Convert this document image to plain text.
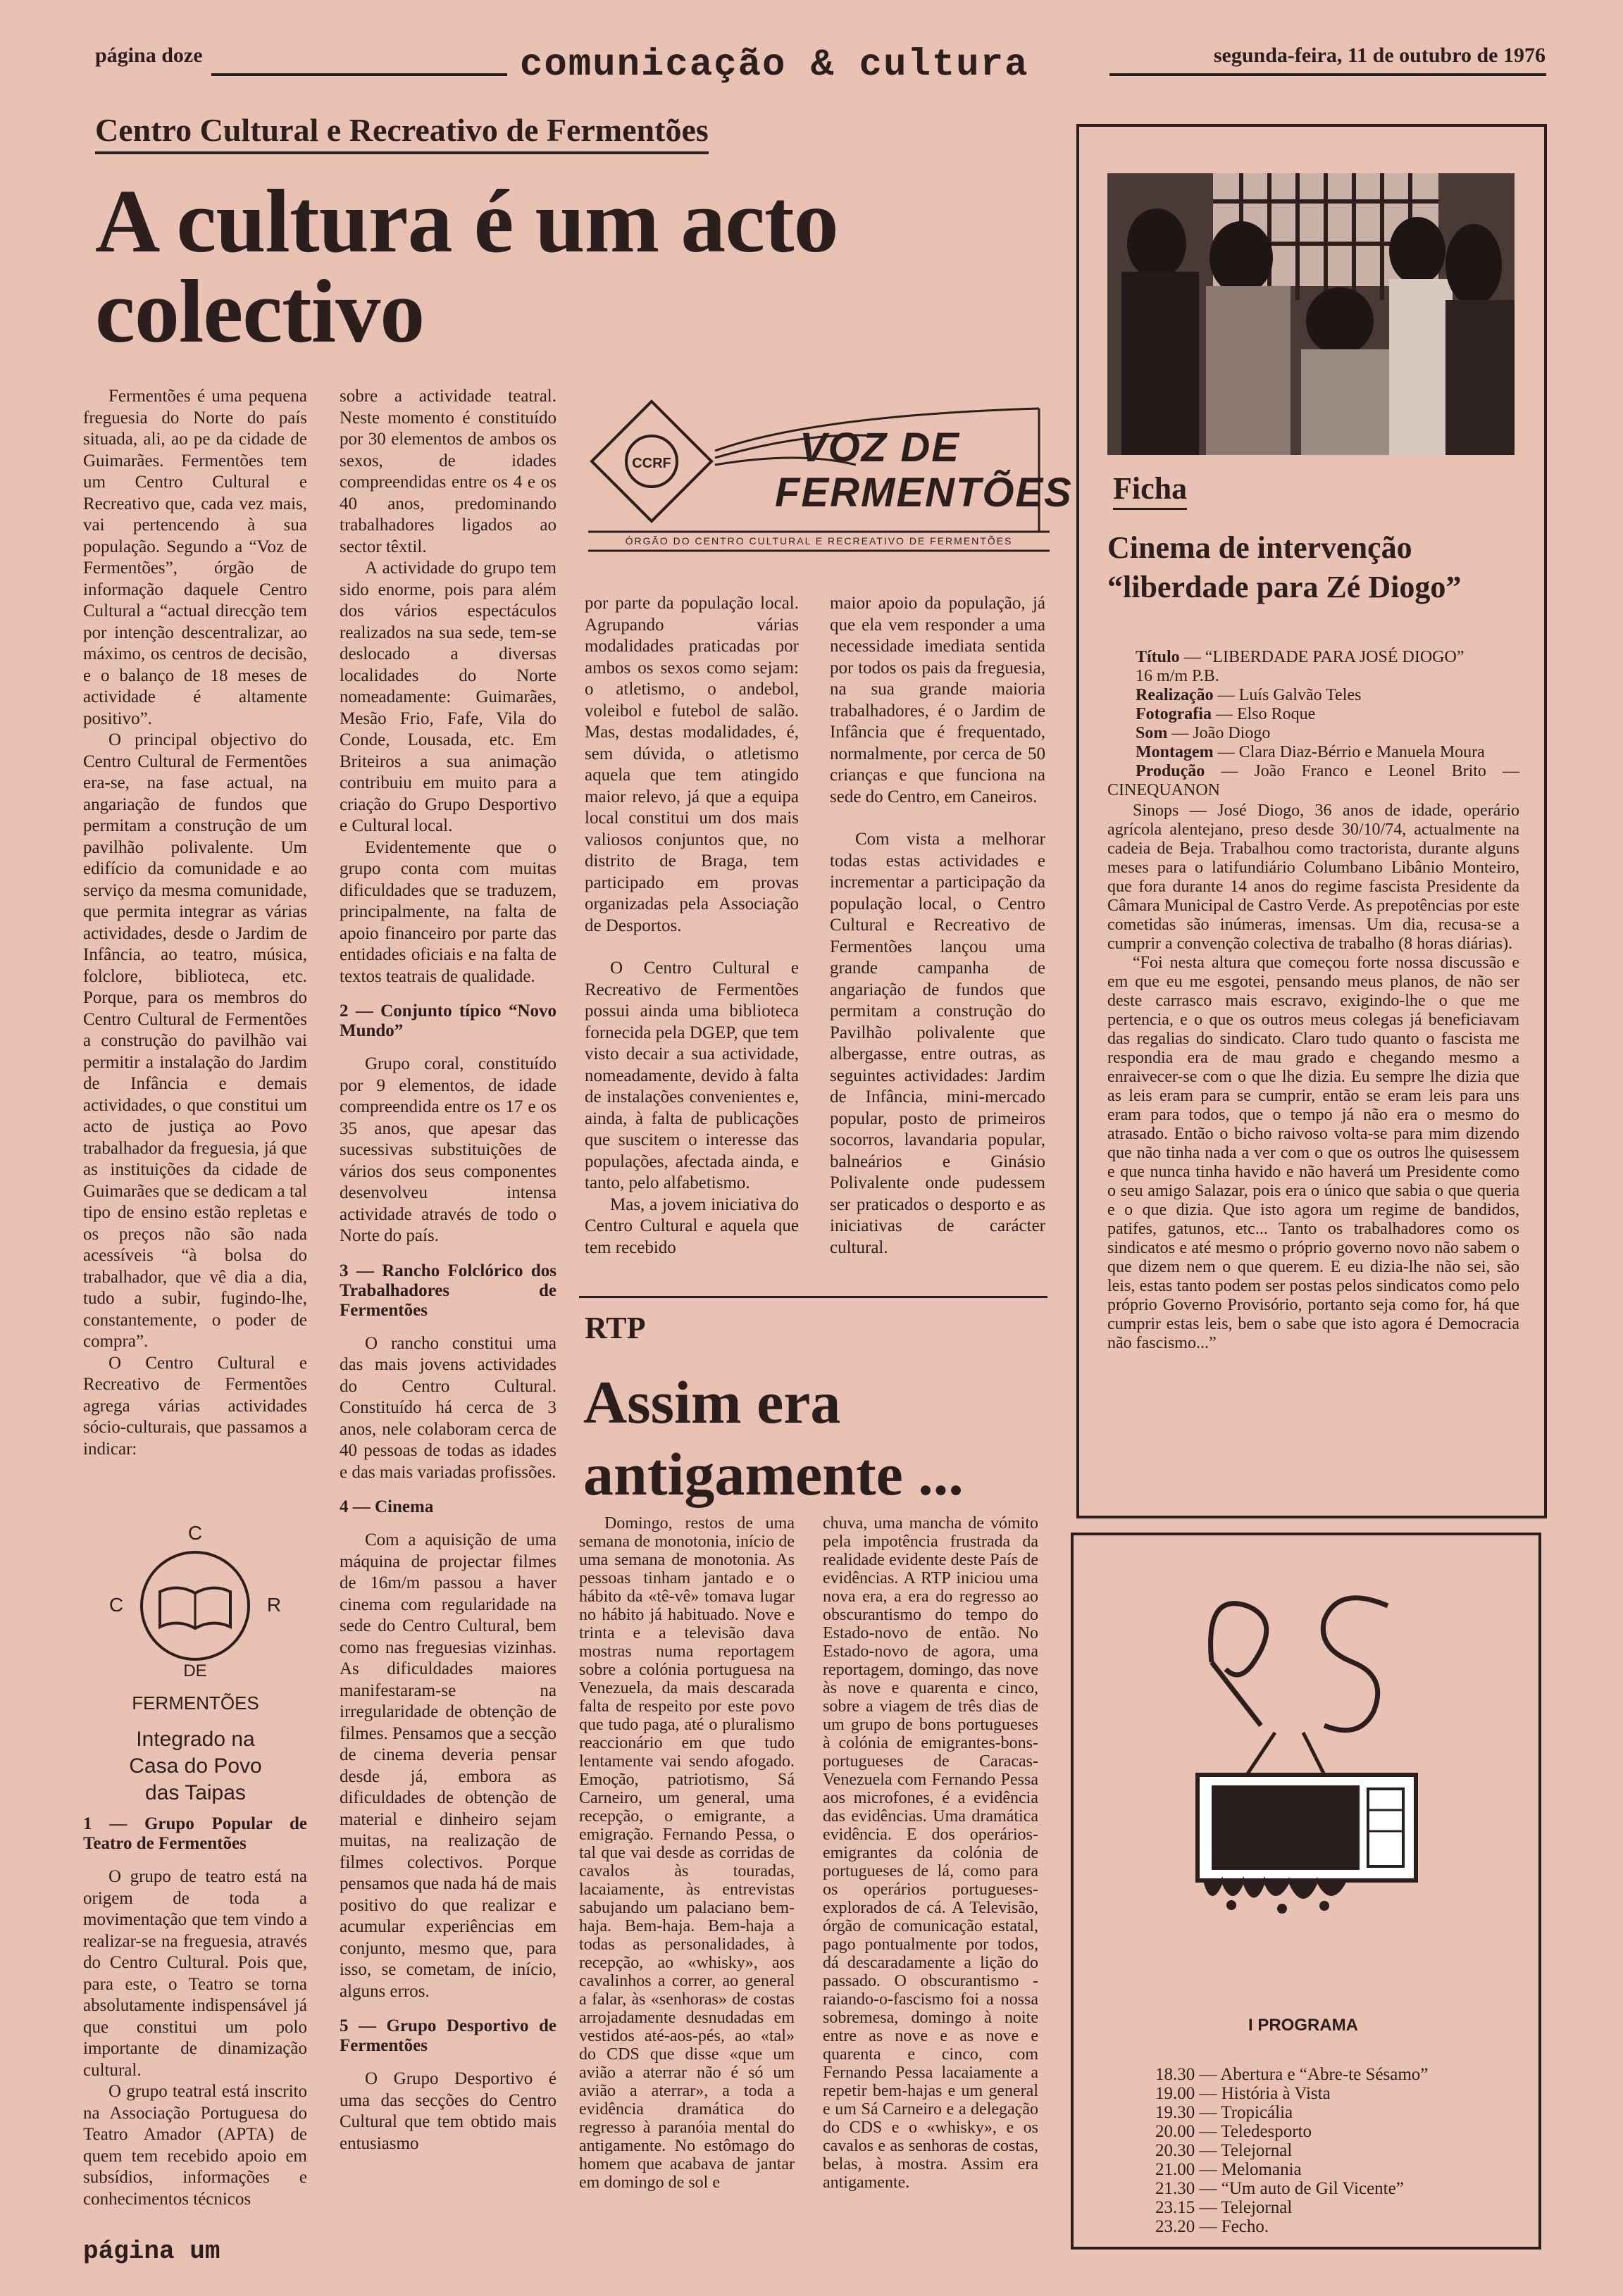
página doze	comunicação & cultura	segunda-feira, 11 de outubro de 1976
Centro Cultural e Recreativo de Fermentões
A cultura é um acto colectivo

Fermentões é uma pequena freguesia do Norte do país situada, ali, ao pe da cidade de Guimarães. Fermentões tem um Centro Cultural e Recreativo que, cada vez mais, vai pertencendo à sua população. Segundo a “Voz de Fermentões”, órgão de informação daquele Centro Cultural a “actual direcção tem por intenção descentralizar, ao máximo, os centros de decisão, e o balanço de 18 meses de actividade é altamente positivo”.

O principal objectivo do Centro Cultural de Fermentões era-se, na fase actual, na angariação de fundos que permitam a construção de um pavilhão polivalente. Um edifício da comunidade e ao serviço da mesma comunidade, que permita integrar as várias actividades, desde o Jardim de Infância, ao teatro, música, folclore, biblioteca, etc. Porque, para os membros do Centro Cultural de Fermentões a construção do pavilhão vai permitir a instalação do Jardim de Infância e demais actividades, o que constitui um acto de justiça ao Povo trabalhador da freguesia, já que as instituições da cidade de Guimarães que se dedicam a tal tipo de ensino estão repletas e os preços não são nada acessíveis “à bolsa do trabalhador, que vê dia a dia, tudo a subir, fugindo-lhe, constantemente, o poder de compra”.

O Centro Cultural e Recreativo de Fermentões agrega várias actividades sócio-culturais, que passamos a indicar:

C
C	R
DE
FERMENTÕES
Integrado na Casa do Povo das Taipas
1 — Grupo Popular de Teatro de Fermentões

O grupo de teatro está na origem de toda a movimentação que tem vindo a realizar-se na freguesia, através do Centro Cultural. Pois que, para este, o Teatro se torna absolutamente indispensável já que constitui um polo importante de dinamização cultural.

O grupo teatral está inscrito na Associação Portuguesa do Teatro Amador (APTA) de quem tem recebido apoio em subsídios, informações e conhecimentos técnicos

sobre a actividade teatral. Neste momento é constituído por 30 elementos de ambos os sexos, de idades compreendidas entre os 4 e os 40 anos, predominando trabalhadores ligados ao sector têxtil.

A actividade do grupo tem sido enorme, pois para além dos vários espectáculos realizados na sua sede, tem-se deslocado a diversas localidades do Norte nomeadamente: Guimarães, Mesão Frio, Fafe, Vila do Conde, Lousada, etc. Em Briteiros a sua animação contribuiu em muito para a criação do Grupo Desportivo e Cultural local.

Evidentemente que o grupo conta com muitas dificuldades que se traduzem, principalmente, na falta de apoio financeiro por parte das entidades oficiais e na falta de textos teatrais de qualidade.

2 — Conjunto típico “Novo Mundo”

Grupo coral, constituído por 9 elementos, de idade compreendida entre os 17 e os 35 anos, que apesar das sucessivas substituições de vários dos seus componentes desenvolveu intensa actividade através de todo o Norte do país.

3 — Rancho Folclórico dos Trabalhadores de Fermentões

O rancho constitui uma das mais jovens actividades do Centro Cultural. Constituído há cerca de 3 anos, nele colaboram cerca de 40 pessoas de todas as idades e das mais variadas profissões.

4 — Cinema

Com a aquisição de uma máquina de projectar filmes de 16m/m passou a haver cinema com regularidade na sede do Centro Cultural, bem como nas freguesias vizinhas. As dificuldades maiores manifestaram-se na irregularidade de obtenção de filmes. Pensamos que a secção de cinema deveria pensar desde já, embora as dificuldades de obtenção de material e dinheiro sejam muitas, na realização de filmes colectivos. Porque pensamos que nada há de mais positivo do que realizar e acumular experiências em conjunto, mesmo que, para isso, se cometam, de início, alguns erros.

5 — Grupo Desportivo de Fermentões

O Grupo Desportivo é uma das secções do Centro Cultural que tem obtido mais entusiasmo

CCRF	VOZ DE
FERMENTÕES
ÓRGÃO DO CENTRO CULTURAL E RECREATIVO DE FERMENTÕES

por parte da população local. Agrupando várias modalidades praticadas por ambos os sexos como sejam: o atletismo, o andebol, voleibol e futebol de salão. Mas, destas modalidades, é, sem dúvida, o atletismo aquela que tem atingido maior relevo, já que a equipa local constitui um dos mais valiosos conjuntos que, no distrito de Braga, tem participado em provas organizadas pela Associação de Desportos.

O Centro Cultural e Recreativo de Fermentões possui ainda uma biblioteca fornecida pela DGEP, que tem visto decair a sua actividade, nomeadamente, devido à falta de instalações convenientes e, ainda, à falta de publicações que suscitem o interesse das populações, afectada ainda, e tanto, pelo alfabetismo.

Mas, a jovem iniciativa do Centro Cultural e aquela que tem recebido

maior apoio da população, já que ela vem responder a uma necessidade imediata sentida por todos os pais da freguesia, na sua grande maioria trabalhadores, é o Jardim de Infância que é frequentado, normalmente, por cerca de 50 crianças e que funciona na sede do Centro, em Caneiros.

Com vista a melhorar todas estas actividades e incrementar a participação da população local, o Centro Cultural e Recreativo de Fermentões lançou uma grande campanha de angariação de fundos que permitam a construção do Pavilhão polivalente que albergasse, entre outras, as seguintes actividades: Jardim de Infância, mini-mercado popular, posto de primeiros socorros, lavandaria popular, balneários e Ginásio Polivalente onde pudessem ser praticados o desporto e as iniciativas de carácter cultural.

RTP
Assim era antigamente ...

Domingo, restos de uma semana de monotonia, início de uma semana de monotonia. As pessoas tinham jantado e o hábito da «tê-vê» tomava lugar no hábito já habituado. Nove e trinta e a televisão dava mostras numa reportagem sobre a colónia portuguesa na Venezuela, da mais descarada falta de respeito por este povo que tudo paga, até o pluralismo reaccionário em que tudo lentamente vai sendo afogado. Emoção, patriotismo, Sá Carneiro, um general, uma recepção, o emigrante, a emigração. Fernando Pessa, o tal que vai desde as corridas de cavalos às touradas, lacaiamente, às entrevistas sabujando um palaciano bem-haja. Bem-haja. Bem-haja a todas as personalidades, à recepção, ao «whisky», aos cavalinhos a correr, ao general a falar, às «senhoras» de costas arrojadamente desnudadas em vestidos até-aos-pés, ao «tal» do CDS que disse «que um avião a aterrar não é só um avião a aterrar», a toda a evidência dramática do regresso à paranóia mental do antigamente. No estômago do homem que acabava de jantar em domingo de sol e

chuva, uma mancha de vómito pela impotência frustrada da realidade evidente deste País de evidências. A RTP iniciou uma nova era, a era do regresso ao obscurantismo do tempo do Estado-novo de então. No Estado-novo de agora, uma reportagem, domingo, das nove às nove e quarenta e cinco, sobre a viagem de três dias de um grupo de bons portugueses à colónia de emigrantes-bons-portugueses de Caracas-Venezuela com Fernando Pessa aos microfones, é a evidência das evidências. Uma dramática evidência. E dos operários-emigrantes da colónia de portugueses de lá, como para os operários portugueses-explorados de cá. A Televisão, órgão de comunicação estatal, pago pontualmente por todos, dá descaradamente a lição do passado. O obscurantismo - raiando-o-fascismo foi a nossa sobremesa, domingo à noite entre as nove e as nove e quarenta e cinco, com Fernando Pessa lacaiamente a repetir bem-hajas e um general e um Sá Carneiro e a delegação do CDS e o «whisky», e os cavalos e as senhoras de costas, belas, à mostra. Assim era antigamente.

Ficha
Cinema de intervenção “liberdade para Zé Diogo”
Título — “LIBERDADE PARA JOSÉ DIOGO”
16 m/m P.B.
Realização — Luís Galvão Teles
Fotografia — Elso Roque
Som — João Diogo
Montagem — Clara Diaz-Bérrio e Manuela Moura
Produção — João Franco e Leonel Brito — CINEQUANON

Sinops — José Diogo, 36 anos de idade, operário agrícola alentejano, preso desde 30/10/74, actualmente na cadeia de Beja. Trabalhou como tractorista, durante alguns meses para o latifundiário Columbano Libânio Monteiro, que fora durante 14 anos do regime fascista Presidente da Câmara Municipal de Castro Verde. As prepotências por este cometidas são inúmeras, imensas. Um dia, recusa-se a cumprir a convenção colectiva de trabalho (8 horas diárias).

“Foi nesta altura que começou forte nossa discussão e em que eu me esgotei, pensando meus planos, de não ser deste carrasco mais escravo, exigindo-lhe o que me pertencia, e o que os outros meus colegas já beneficiavam das regalias do sindicato. Claro tudo quanto o fascista me respondia era de mau grado e chegando mesmo a enraivecer-se com o que lhe dizia. Eu sempre lhe dizia que as leis eram para se cumprir, então se eram leis para uns eram para todos, que o tempo já não era o mesmo do atrasado. Então o bicho raivoso volta-se para mim dizendo que não tinha nada a ver com o que os outros lhe quisessem e que nunca tinha havido e não haverá um Presidente como o seu amigo Salazar, pois era o único que sabia o que queria e o que dizia. Que isto agora um regime de bandidos, patifes, gatunos, etc... Tanto os trabalhadores como os sindicatos e até mesmo o próprio governo novo não sabem o que dizem nem o que querem. E eu dizia-lhe não sei, são leis, estas tanto podem ser postas pelos sindicatos como pelo próprio Governo Provisório, portanto seja como for, há que cumprir estas leis, bem o sabe que isto agora é Democracia não fascismo...”

I PROGRAMA
18.30 — Abertura e “Abre-te Sésamo”
19.00 — História à Vista
19.30 — Tropicália
20.00 — Teledesporto
20.30 — Telejornal
21.00 — Melomania
21.30 — “Um auto de Gil Vicente”
23.15 — Telejornal
23.20 — Fecho.
página um
